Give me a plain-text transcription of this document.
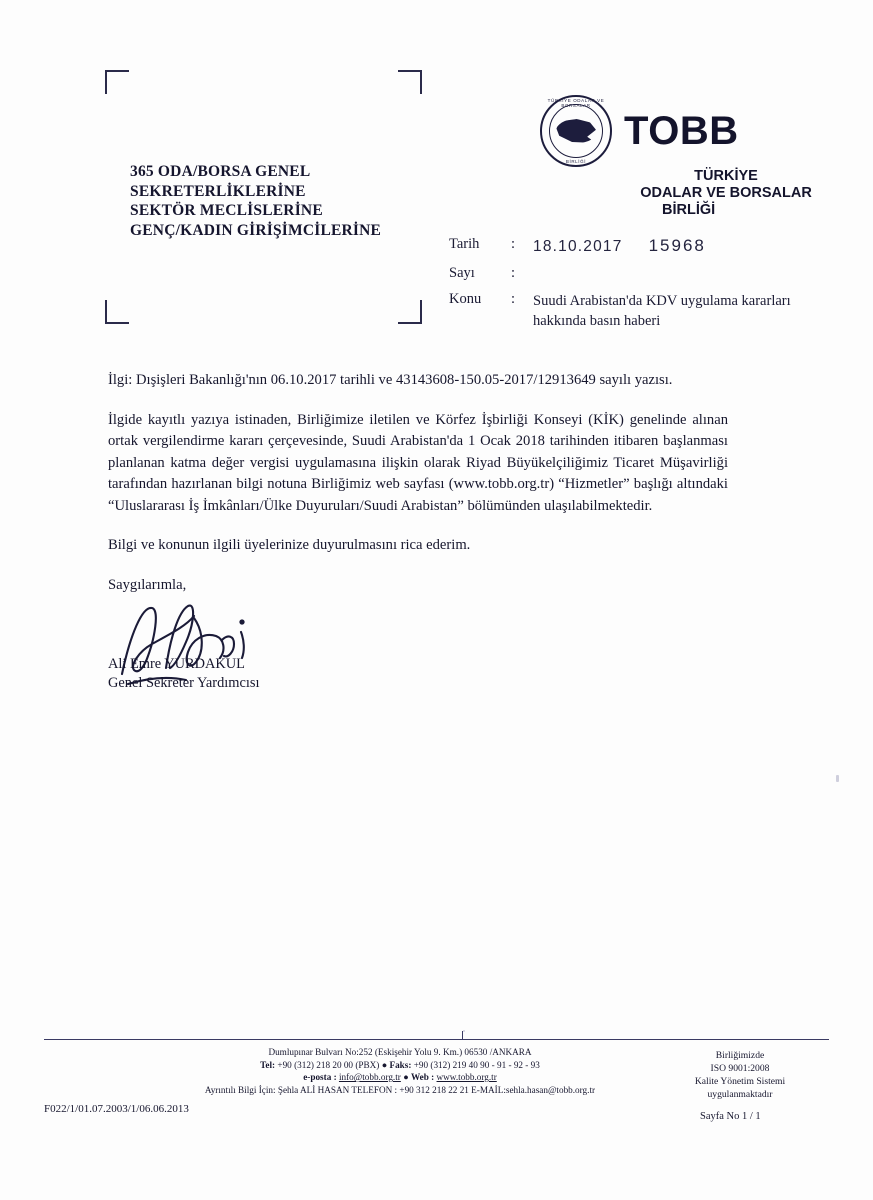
TÜRKİYE ODALAR VE BORSALAR
BİRLİĞİ
TOBB
TÜRKİYE
ODALAR VE BORSALAR
BİRLİĞİ
365 ODA/BORSA GENEL
SEKRETERLİKLERİNE
SEKTÖR MECLİSLERİNE
GENÇ/KADIN GİRİŞİMCİLERİNE
Tarih	:	18.10.2017 15968
Sayı	:
Konu	:	Suudi Arabistan'da KDV uygulama kararları hakkında basın haberi

İlgi: Dışişleri Bakanlığı'nın 06.10.2017 tarihli ve 43143608-150.05-2017/12913649 sayılı yazısı.

İlgide kayıtlı yazıya istinaden, Birliğimize iletilen ve Körfez İşbirliği Konseyi (KİK) genelinde alınan ortak vergilendirme kararı çerçevesinde, Suudi Arabistan'da 1 Ocak 2018 tarihinden itibaren başlanması planlanan katma değer vergisi uygulamasına ilişkin olarak Riyad Büyükelçiliğimiz Ticaret Müşavirliği tarafından hazırlanan bilgi notuna Birliğimiz web sayfası (www.tobb.org.tr) “Hizmetler” başlığı altındaki “Uluslararası İş İmkânları/Ülke Duyuruları/Suudi Arabistan” bölümünden ulaşılabilmektedir.

Bilgi ve konunun ilgili üyelerinize duyurulmasını rica ederim.

Saygılarımla,

Ali Emre YURDAKUL
Genel Sekreter Yardımcısı
Dumlupınar Bulvarı No:252 (Eskişehir Yolu 9. Km.) 06530 /ANKARA
Tel: +90 (312) 218 20 00 (PBX) ● Faks: +90 (312) 219 40 90 - 91 - 92 - 93
e-posta : info@tobb.org.tr ● Web : www.tobb.org.tr
Ayrıntılı Bilgi İçin: Şehla ALİ HASAN TELEFON : +90 312 218 22 21 E-MAİL:sehla.hasan@tobb.org.tr
Birliğimizde
ISO 9001:2008
Kalite Yönetim Sistemi
uygulanmaktadır
F022/1/01.07.2003/1/06.06.2013
Sayfa No 1 / 1
